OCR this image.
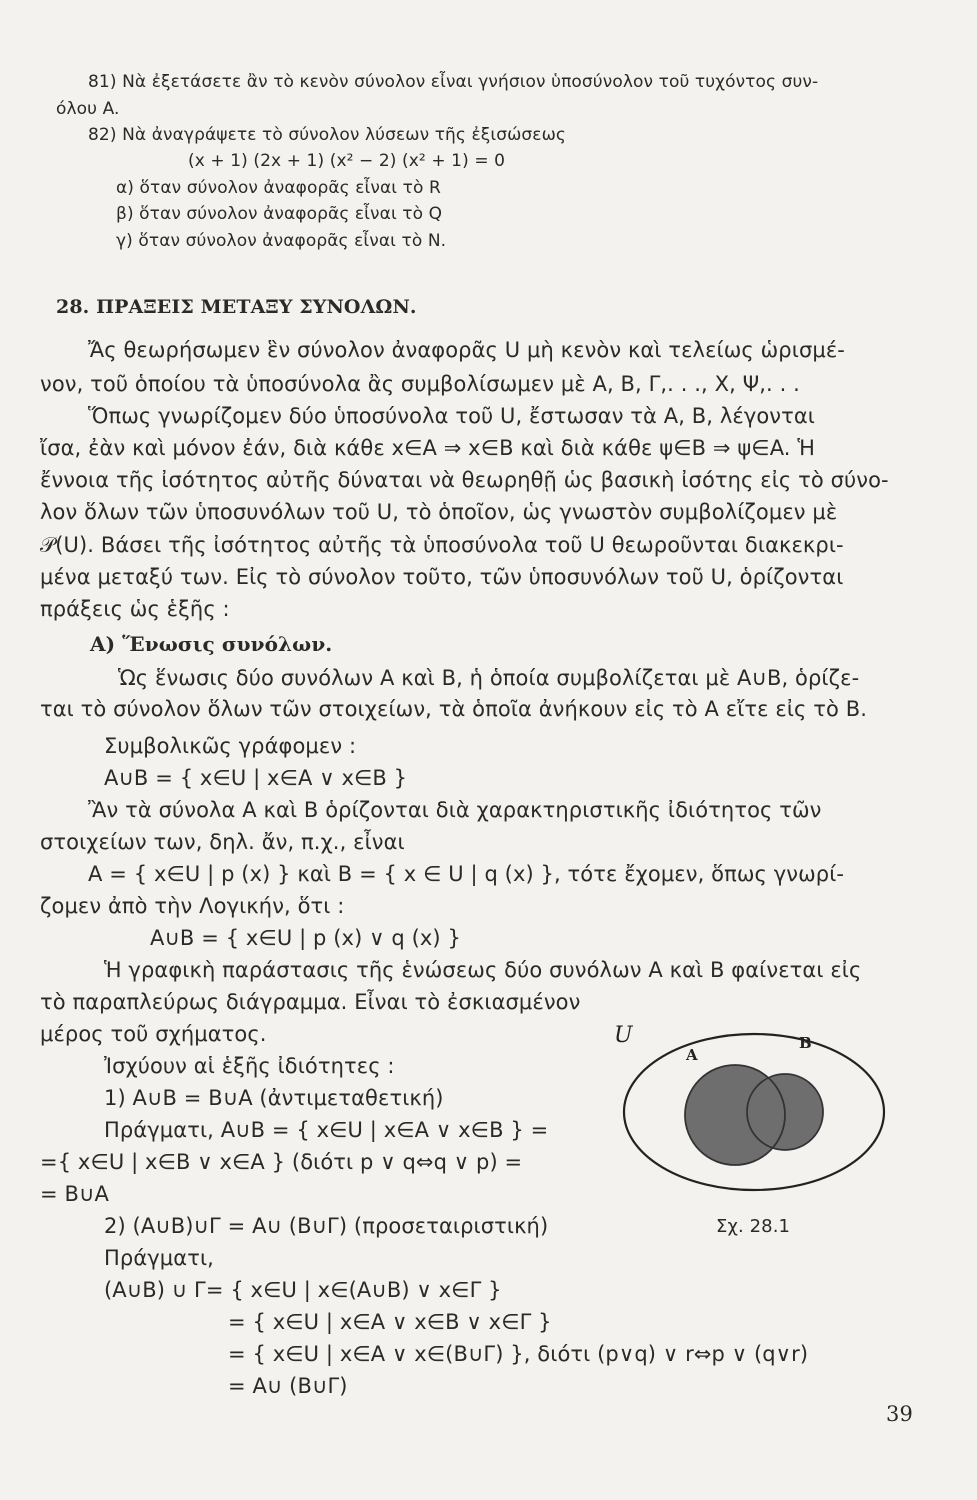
81) Νὰ ἐξετάσετε ἂν τὸ κενὸν σύνολον εἶναι γνήσιον ὑποσύνολον τοῦ τυχόντος συν-
όλου A.
82) Νὰ ἀναγράψετε τὸ σύνολον λύσεων τῆς ἐξισώσεως
(x + 1) (2x + 1) (x² − 2) (x² + 1) = 0
α) ὅταν σύνολον ἀναφορᾶς εἶναι τὸ R
β) ὅταν σύνολον ἀναφορᾶς εἶναι τὸ Q
γ) ὅταν σύνολον ἀναφορᾶς εἶναι τὸ N.
28. ΠΡΑΞΕΙΣ ΜΕΤΑΞΥ ΣΥΝΟΛΩΝ.
Ἄς θεωρήσωμεν ἓν σύνολον ἀναφορᾶς U μὴ κενὸν καὶ τελείως ὡρισμέ-
νον, τοῦ ὁποίου τὰ ὑποσύνολα ἂς συμβολίσωμεν μὲ A, B, Γ,. . ., X, Ψ,. . .
Ὅπως γνωρίζομεν δύο ὑποσύνολα τοῦ U, ἔστωσαν τὰ A, B, λέγονται
ἴσα, ἐὰν καὶ μόνον ἐάν, διὰ κάθε x∈A ⇒ x∈B καὶ διὰ κάθε ψ∈B ⇒ ψ∈A. Ἡ
ἔννοια τῆς ἰσότητος αὐτῆς δύναται νὰ θεωρηθῇ ὡς βασικὴ ἰσότης εἰς τὸ σύνο-
λον ὅλων τῶν ὑποσυνόλων τοῦ U, τὸ ὁποῖον, ὡς γνωστὸν συμβολίζομεν μὲ
𝒫(U). Βάσει τῆς ἰσότητος αὐτῆς τὰ ὑποσύνολα τοῦ U θεωροῦνται διακεκρι-
μένα μεταξύ των. Εἰς τὸ σύνολον τοῦτο, τῶν ὑποσυνόλων τοῦ U, ὁρίζονται
πράξεις ὡς ἑξῆς :
A) Ἕνωσις συνόλων.
Ὡς ἕνωσις δύο συνόλων A καὶ B, ἡ ὁποία συμβολίζεται μὲ A∪B, ὁρίζε-
ται τὸ σύνολον ὅλων τῶν στοιχείων, τὰ ὁποῖα ἀνήκουν εἰς τὸ A εἴτε εἰς τὸ B.
Συμβολικῶς γράφομεν :
A∪B = { x∈U | x∈A ∨ x∈B }
Ἂν τὰ σύνολα A καὶ B ὁρίζονται διὰ χαρακτηριστικῆς ἰδιότητος τῶν
στοιχείων των, δηλ. ἄν, π.χ., εἶναι
A = { x∈U | p (x) } καὶ B = { x ∈ U | q (x) }, τότε ἔχομεν, ὅπως γνωρί-
ζομεν ἀπὸ τὴν Λογικήν, ὅτι :
A∪B = { x∈U | p (x) ∨ q (x) }
Ἡ γραφικὴ παράστασις τῆς ἑνώσεως δύο συνόλων A καὶ B φαίνεται εἰς
τὸ παραπλεύρως διάγραμμα. Εἶναι τὸ ἐσκιασμένον
μέρος τοῦ σχήματος.
Ἰσχύουν αἱ ἑξῆς ἰδιότητες :
1) A∪B = B∪A (ἀντιμεταθετική)
Πράγματι, A∪B = { x∈U | x∈A ∨ x∈B } =
={ x∈U | x∈B ∨ x∈A } (διότι p ∨ q⇔q ∨ p) =
= B∪A
2) (A∪B)∪Γ = A∪ (B∪Γ) (προσεταιριστική)
Πράγματι,
(A∪B) ∪ Γ= { x∈U | x∈(A∪B) ∨ x∈Γ }
= { x∈U | x∈A ∨ x∈B ∨ x∈Γ }
= { x∈U | x∈A ∨ x∈(B∪Γ) }, διότι (p∨q) ∨ r⇔p ∨ (q∨r)
= A∪ (B∪Γ)
U
A
B
Σχ. 28.1
39
